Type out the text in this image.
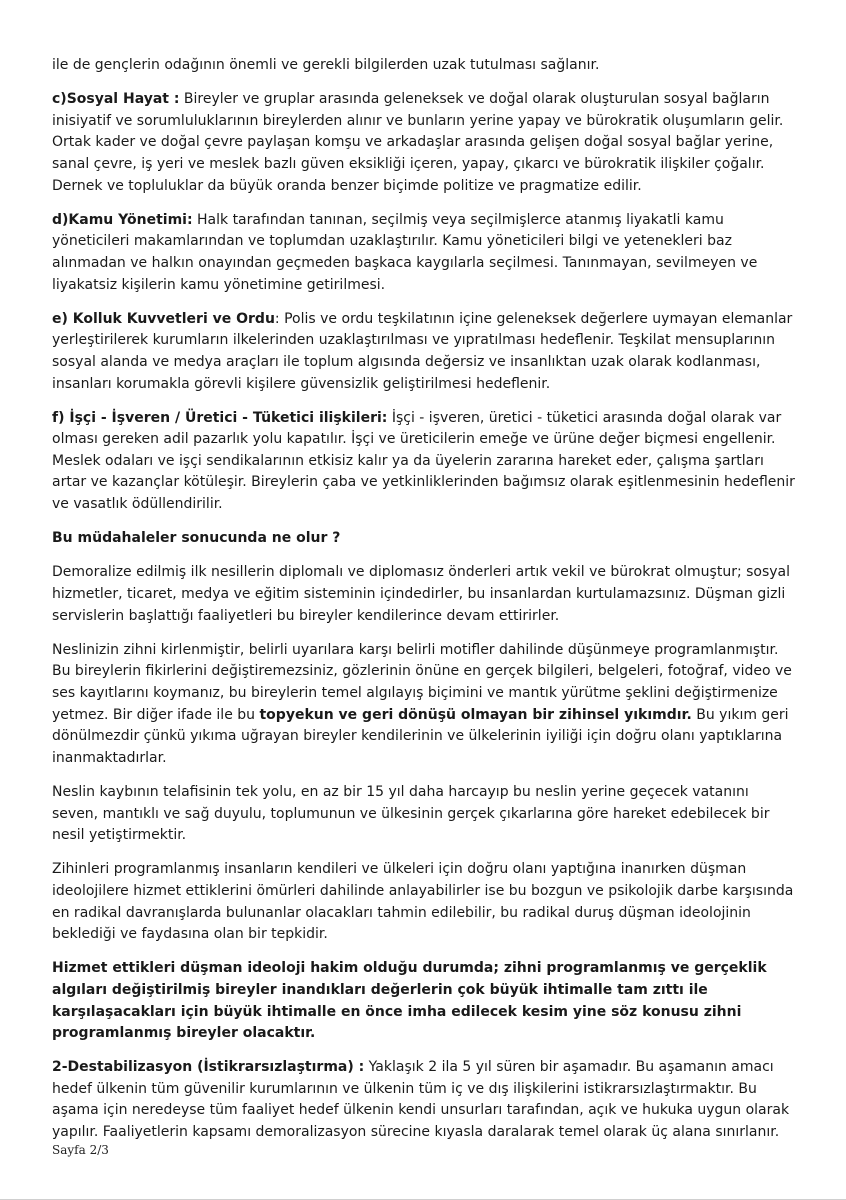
ile de gençlerin odağının önemli ve gerekli bilgilerden uzak tutulması sağlanır.

c)Sosyal Hayat : Bireyler ve gruplar arasında geleneksek ve doğal olarak oluşturulan sosyal bağların inisiyatif ve sorumluluklarının bireylerden alınır ve bunların yerine yapay ve bürokratik oluşumların gelir. Ortak kader ve doğal çevre paylaşan komşu ve arkadaşlar arasında gelişen doğal sosyal bağlar yerine, sanal çevre, iş yeri ve meslek bazlı güven eksikliği içeren, yapay, çıkarcı ve bürokratik ilişkiler çoğalır. Dernek ve topluluklar da büyük oranda benzer biçimde politize ve pragmatize edilir.

d)Kamu Yönetimi: Halk tarafından tanınan, seçilmiş veya seçilmişlerce atanmış liyakatli kamu yöneticileri makamlarından ve toplumdan uzaklaştırılır. Kamu yöneticileri bilgi ve yetenekleri baz alınmadan ve halkın onayından geçmeden başkaca kaygılarla seçilmesi. Tanınmayan, sevilmeyen ve liyakatsiz kişilerin kamu yönetimine getirilmesi.

e) Kolluk Kuvvetleri ve Ordu: Polis ve ordu teşkilatının içine geleneksek değerlere uymayan elemanlar yerleştirilerek kurumların ilkelerinden uzaklaştırılması ve yıpratılması hedeflenir. Teşkilat mensuplarının sosyal alanda ve medya araçları ile toplum algısında değersiz ve insanlıktan uzak olarak kodlanması, insanları korumakla görevli kişilere güvensizlik geliştirilmesi hedeflenir.

f) İşçi - İşveren / Üretici - Tüketici ilişkileri: İşçi - işveren, üretici - tüketici arasında doğal olarak var olması gereken adil pazarlık yolu kapatılır. İşçi ve üreticilerin emeğe ve ürüne değer biçmesi engellenir. Meslek odaları ve işçi sendikalarının etkisiz kalır ya da üyelerin zararına hareket eder, çalışma şartları artar ve kazançlar kötüleşir. Bireylerin çaba ve yetkinliklerinden bağımsız olarak eşitlenmesinin hedeflenir ve vasatlık ödüllendirilir.

Bu müdahaleler sonucunda ne olur ?

Demoralize edilmiş ilk nesillerin diplomalı ve diplomasız önderleri artık vekil ve bürokrat olmuştur; sosyal hizmetler, ticaret, medya ve eğitim sisteminin içindedirler, bu insanlardan kurtulamazsınız. Düşman gizli servislerin başlattığı faaliyetleri bu bireyler kendilerince devam ettirirler.

Neslinizin zihni kirlenmiştir, belirli uyarılara karşı belirli motifler dahilinde düşünmeye programlanmıştır. Bu bireylerin fikirlerini değiştiremezsiniz, gözlerinin önüne en gerçek bilgileri, belgeleri, fotoğraf, video ve ses kayıtlarını koymanız, bu bireylerin temel algılayış biçimini ve mantık yürütme şeklini değiştirmenize yetmez. Bir diğer ifade ile bu topyekun ve geri dönüşü olmayan bir zihinsel yıkımdır. Bu yıkım geri dönülmezdir çünkü yıkıma uğrayan bireyler kendilerinin ve ülkelerinin iyiliği için doğru olanı yaptıklarına inanmaktadırlar.

Neslin kaybının telafisinin tek yolu, en az bir 15 yıl daha harcayıp bu neslin yerine geçecek vatanını seven, mantıklı ve sağ duyulu, toplumunun ve ülkesinin gerçek çıkarlarına göre hareket edebilecek bir nesil yetiştirmektir.

Zihinleri programlanmış insanların kendileri ve ülkeleri için doğru olanı yaptığına inanırken düşman ideolojilere hizmet ettiklerini ömürleri dahilinde anlayabilirler ise bu bozgun ve psikolojik darbe karşısında en radikal davranışlarda bulunanlar olacakları tahmin edilebilir, bu radikal duruş düşman ideolojinin beklediği ve faydasına olan bir tepkidir.

Hizmet ettikleri düşman ideoloji hakim olduğu durumda; zihni programlanmış ve gerçeklik algıları değiştirilmiş bireyler inandıkları değerlerin çok büyük ihtimalle tam zıttı ile karşılaşacakları için büyük ihtimalle en önce imha edilecek kesim yine söz konusu zihni programlanmış bireyler olacaktır.

2-Destabilizasyon (İstikrarsızlaştırma) : Yaklaşık 2 ila 5 yıl süren bir aşamadır. Bu aşamanın amacı hedef ülkenin tüm güvenilir kurumlarının ve ülkenin tüm iç ve dış ilişkilerini istikrarsızlaştırmaktır. Bu aşama için neredeyse tüm faaliyet hedef ülkenin kendi unsurları tarafından, açık ve hukuka uygun olarak yapılır. Faaliyetlerin kapsamı demoralizasyon sürecine kıyasla daralarak temel olarak üç alana sınırlanır.

Sayfa 2/3
